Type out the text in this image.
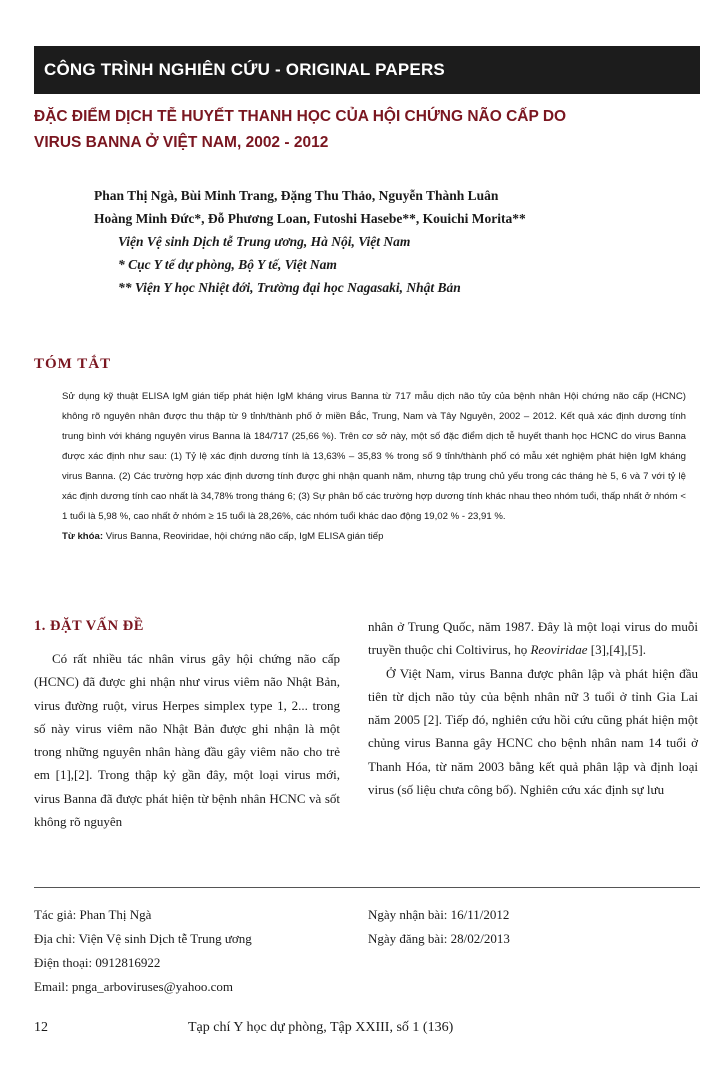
CÔNG TRÌNH NGHIÊN CỨU - ORIGINAL PAPERS
ĐẶC ĐIỂM DỊCH TỄ HUYẾT THANH HỌC CỦA HỘI CHỨNG NÃO CẤP DO
VIRUS BANNA Ở VIỆT NAM, 2002 - 2012
Phan Thị Ngà, Bùi Minh Trang, Đặng Thu Thảo, Nguyễn Thành Luân
Hoàng Minh Đức*, Đỗ Phương Loan, Futoshi Hasebe**, Kouichi Morita**
Viện Vệ sinh Dịch tễ Trung ương, Hà Nội, Việt Nam
* Cục Y tế dự phòng, Bộ Y tế, Việt Nam
** Viện Y học Nhiệt đới, Trường đại học Nagasaki, Nhật Bản
TÓM TẮT

Sử dụng kỹ thuật ELISA IgM gián tiếp phát hiện IgM kháng virus Banna từ 717 mẫu dịch não tủy của bệnh nhân Hội chứng não cấp (HCNC) không rõ nguyên nhân được thu thập từ 9 tỉnh/thành phố ở miền Bắc, Trung, Nam và Tây Nguyên, 2002 – 2012. Kết quả xác định dương tính trung bình với kháng nguyên virus Banna là 184/717 (25,66 %). Trên cơ sở này, một số đặc điểm dịch tễ huyết thanh học HCNC do virus Banna được xác định như sau: (1) Tỷ lệ xác định dương tính là 13,63% – 35,83 % trong số 9 tỉnh/thành phố có mẫu xét nghiệm phát hiện IgM kháng virus Banna. (2) Các trường hợp xác định dương tính được ghi nhận quanh năm, nhưng tập trung chủ yếu trong các tháng hè 5, 6 và 7 với tỷ lệ xác định dương tính cao nhất là 34,78% trong tháng 6; (3) Sự phân bố các trường hợp dương tính khác nhau theo nhóm tuổi, thấp nhất ở nhóm < 1 tuổi là 5,98 %, cao nhất ở nhóm ≥ 15 tuổi là 28,26%, các nhóm tuổi khác dao động 19,02 % - 23,91 %.
Từ khóa: Virus Banna, Reoviridae, hội chứng não cấp, IgM ELISA gián tiếp

1. ĐẶT VẤN ĐỀ

Có rất nhiều tác nhân virus gây hội chứng não cấp (HCNC) đã được ghi nhận như virus viêm não Nhật Bản, virus đường ruột, virus Herpes simplex type 1, 2... trong số này virus viêm não Nhật Bản được ghi nhận là một trong những nguyên nhân hàng đầu gây viêm não cho trẻ em [1],[2]. Trong thập kỷ gần đây, một loại virus mới, virus Banna đã được phát hiện từ bệnh nhân HCNC và sốt không rõ nguyên

nhân ở Trung Quốc, năm 1987. Đây là một loại virus do muỗi truyền thuộc chi Coltivirus, họ Reoviridae [3],[4],[5].

Ở Việt Nam, virus Banna được phân lập và phát hiện đầu tiên từ dịch não tủy của bệnh nhân nữ 3 tuổi ở tỉnh Gia Lai năm 2005 [2]. Tiếp đó, nghiên cứu hồi cứu cũng phát hiện một chủng virus Banna gây HCNC cho bệnh nhân nam 14 tuổi ở Thanh Hóa, từ năm 2003 bằng kết quả phân lập và định loại virus (số liệu chưa công bố). Nghiên cứu xác định sự lưu

Tác giả: Phan Thị Ngà
Địa chỉ: Viện Vệ sinh Dịch tễ Trung ương
Điện thoại: 0912816922
Email: pnga_arboviruses@yahoo.com
Ngày nhận bài: 16/11/2012
Ngày đăng bài: 28/02/2013
12	Tạp chí Y học dự phòng, Tập XXIII, số 1 (136)
